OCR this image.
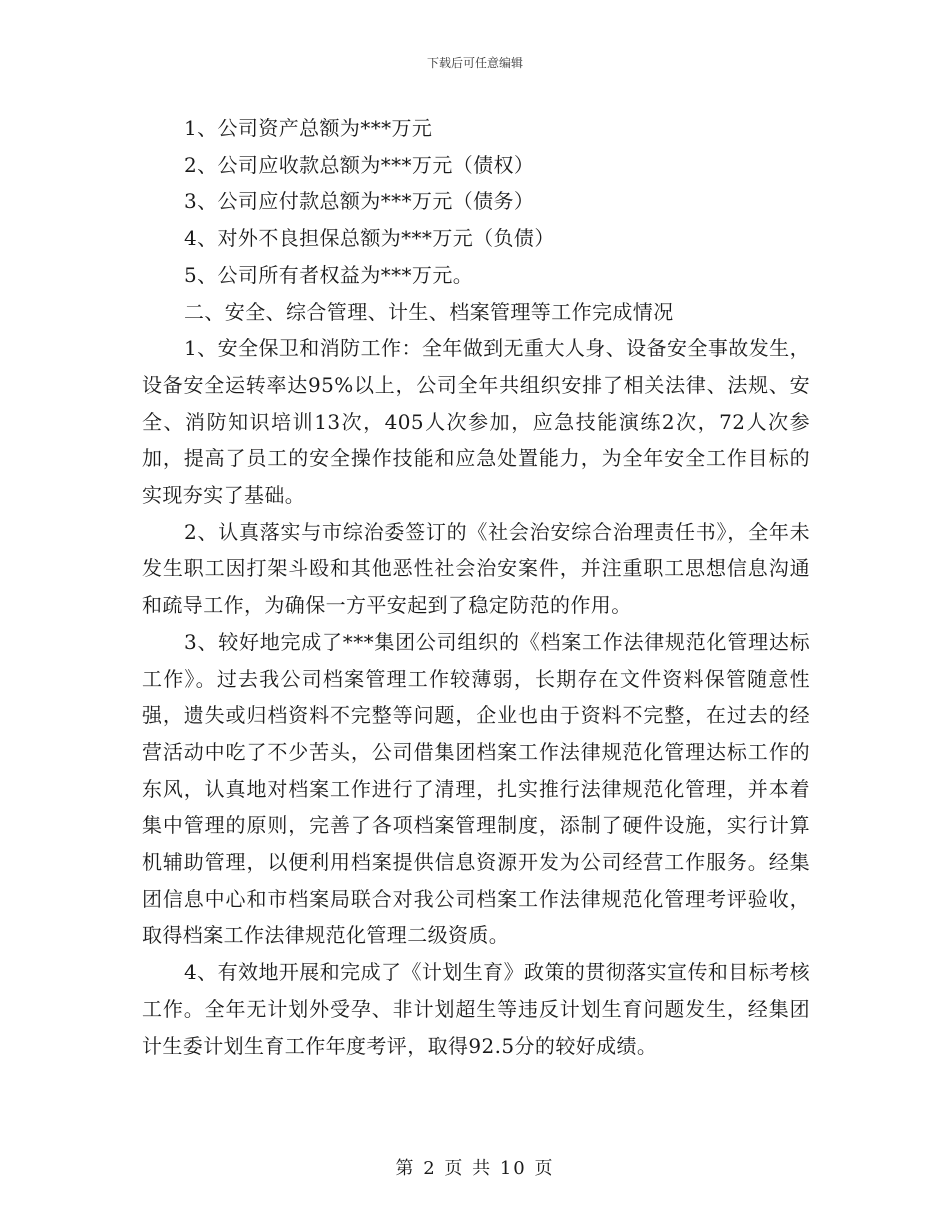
下载后可任意编辑

1、公司资产总额为***万元

2、公司应收款总额为***万元（债权）

3、公司应付款总额为***万元（债务）

4、对外不良担保总额为***万元（负债）

5、公司所有者权益为***万元。

二、安全、综合管理、计生、档案管理等工作完成情况

1、安全保卫和消防工作：全年做到无重大人身、设备安全事故发生，设备安全运转率达95%以上，公司全年共组织安排了相关法律、法规、安全、消防知识培训13次，405人次参加，应急技能演练2次，72人次参加，提高了员工的安全操作技能和应急处置能力，为全年安全工作目标的实现夯实了基础。

2、认真落实与市综治委签订的《社会治安综合治理责任书》，全年未发生职工因打架斗殴和其他恶性社会治安案件，并注重职工思想信息沟通和疏导工作，为确保一方平安起到了稳定防范的作用。

3、较好地完成了***集团公司组织的《档案工作法律规范化管理达标工作》。过去我公司档案管理工作较薄弱，长期存在文件资料保管随意性强，遗失或归档资料不完整等问题，企业也由于资料不完整，在过去的经营活动中吃了不少苦头，公司借集团档案工作法律规范化管理达标工作的东风，认真地对档案工作进行了清理，扎实推行法律规范化管理，并本着集中管理的原则，完善了各项档案管理制度，添制了硬件设施，实行计算机辅助管理，以便利用档案提供信息资源开发为公司经营工作服务。经集团信息中心和市档案局联合对我公司档案工作法律规范化管理考评验收，取得档案工作法律规范化管理二级资质。

4、有效地开展和完成了《计划生育》政策的贯彻落实宣传和目标考核工作。全年无计划外受孕、非计划超生等违反计划生育问题发生，经集团计生委计划生育工作年度考评，取得92.5分的较好成绩。

第 2 页 共 10 页
